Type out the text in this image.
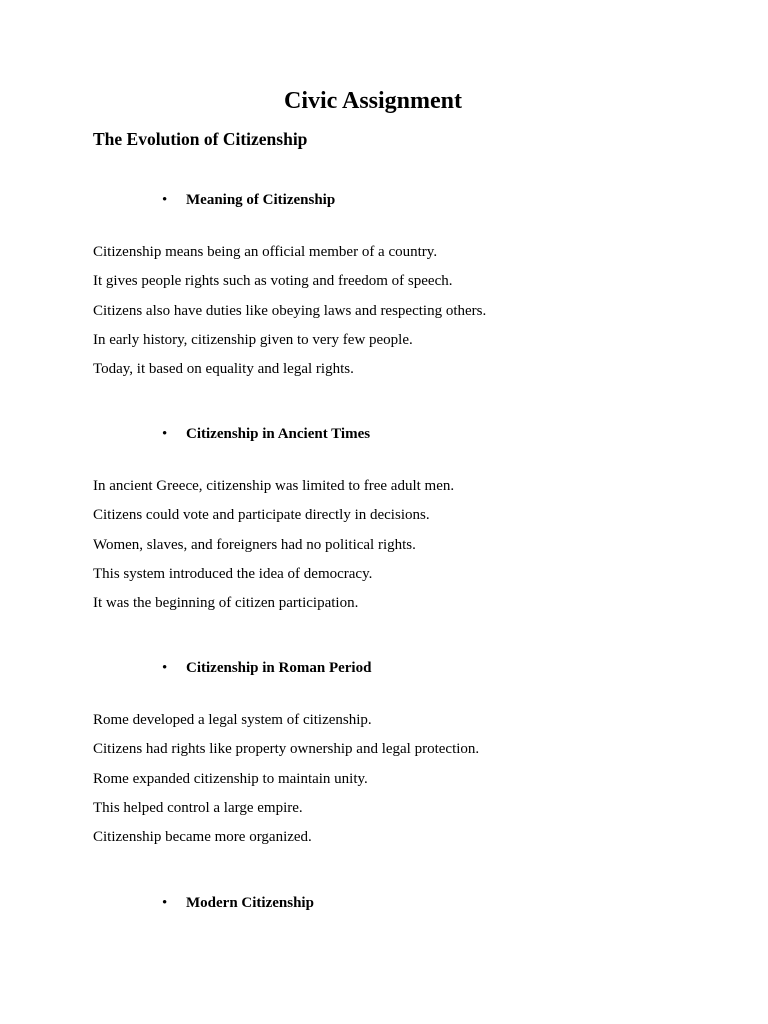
Civic Assignment
The Evolution of Citizenship
• Meaning of Citizenship
Citizenship means being an official member of a country.
It gives people rights such as voting and freedom of speech.
Citizens also have duties like obeying laws and respecting others.
In early history, citizenship given to very few people.
Today, it based on equality and legal rights.
• Citizenship in Ancient Times
In ancient Greece, citizenship was limited to free adult men.
Citizens could vote and participate directly in decisions.
Women, slaves, and foreigners had no political rights.
This system introduced the idea of democracy.
It was the beginning of citizen participation.
• Citizenship in Roman Period
Rome developed a legal system of citizenship.
Citizens had rights like property ownership and legal protection.
Rome expanded citizenship to maintain unity.
This helped control a large empire.
Citizenship became more organized.
• Modern Citizenship
